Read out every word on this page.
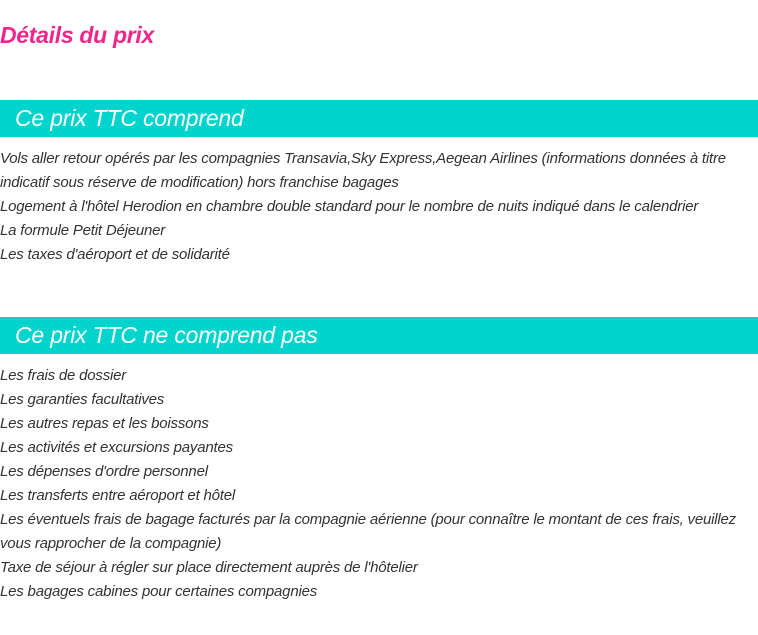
Détails du prix
Ce prix TTC comprend
Vols aller retour opérés par les compagnies Transavia,Sky Express,Aegean Airlines (informations données à titre indicatif sous réserve de modification) hors franchise bagages
Logement à l'hôtel Herodion en chambre double standard pour le nombre de nuits indiqué dans le calendrier
La formule Petit Déjeuner
Les taxes d'aéroport et de solidarité
Ce prix TTC ne comprend pas
Les frais de dossier
Les garanties facultatives
Les autres repas et les boissons
Les activités et excursions payantes
Les dépenses d'ordre personnel
Les transferts entre aéroport et hôtel
Les éventuels frais de bagage facturés par la compagnie aérienne (pour connaître le montant de ces frais, veuillez vous rapprocher de la compagnie)
Taxe de séjour à régler sur place directement auprès de l'hôtelier
Les bagages cabines pour certaines compagnies
